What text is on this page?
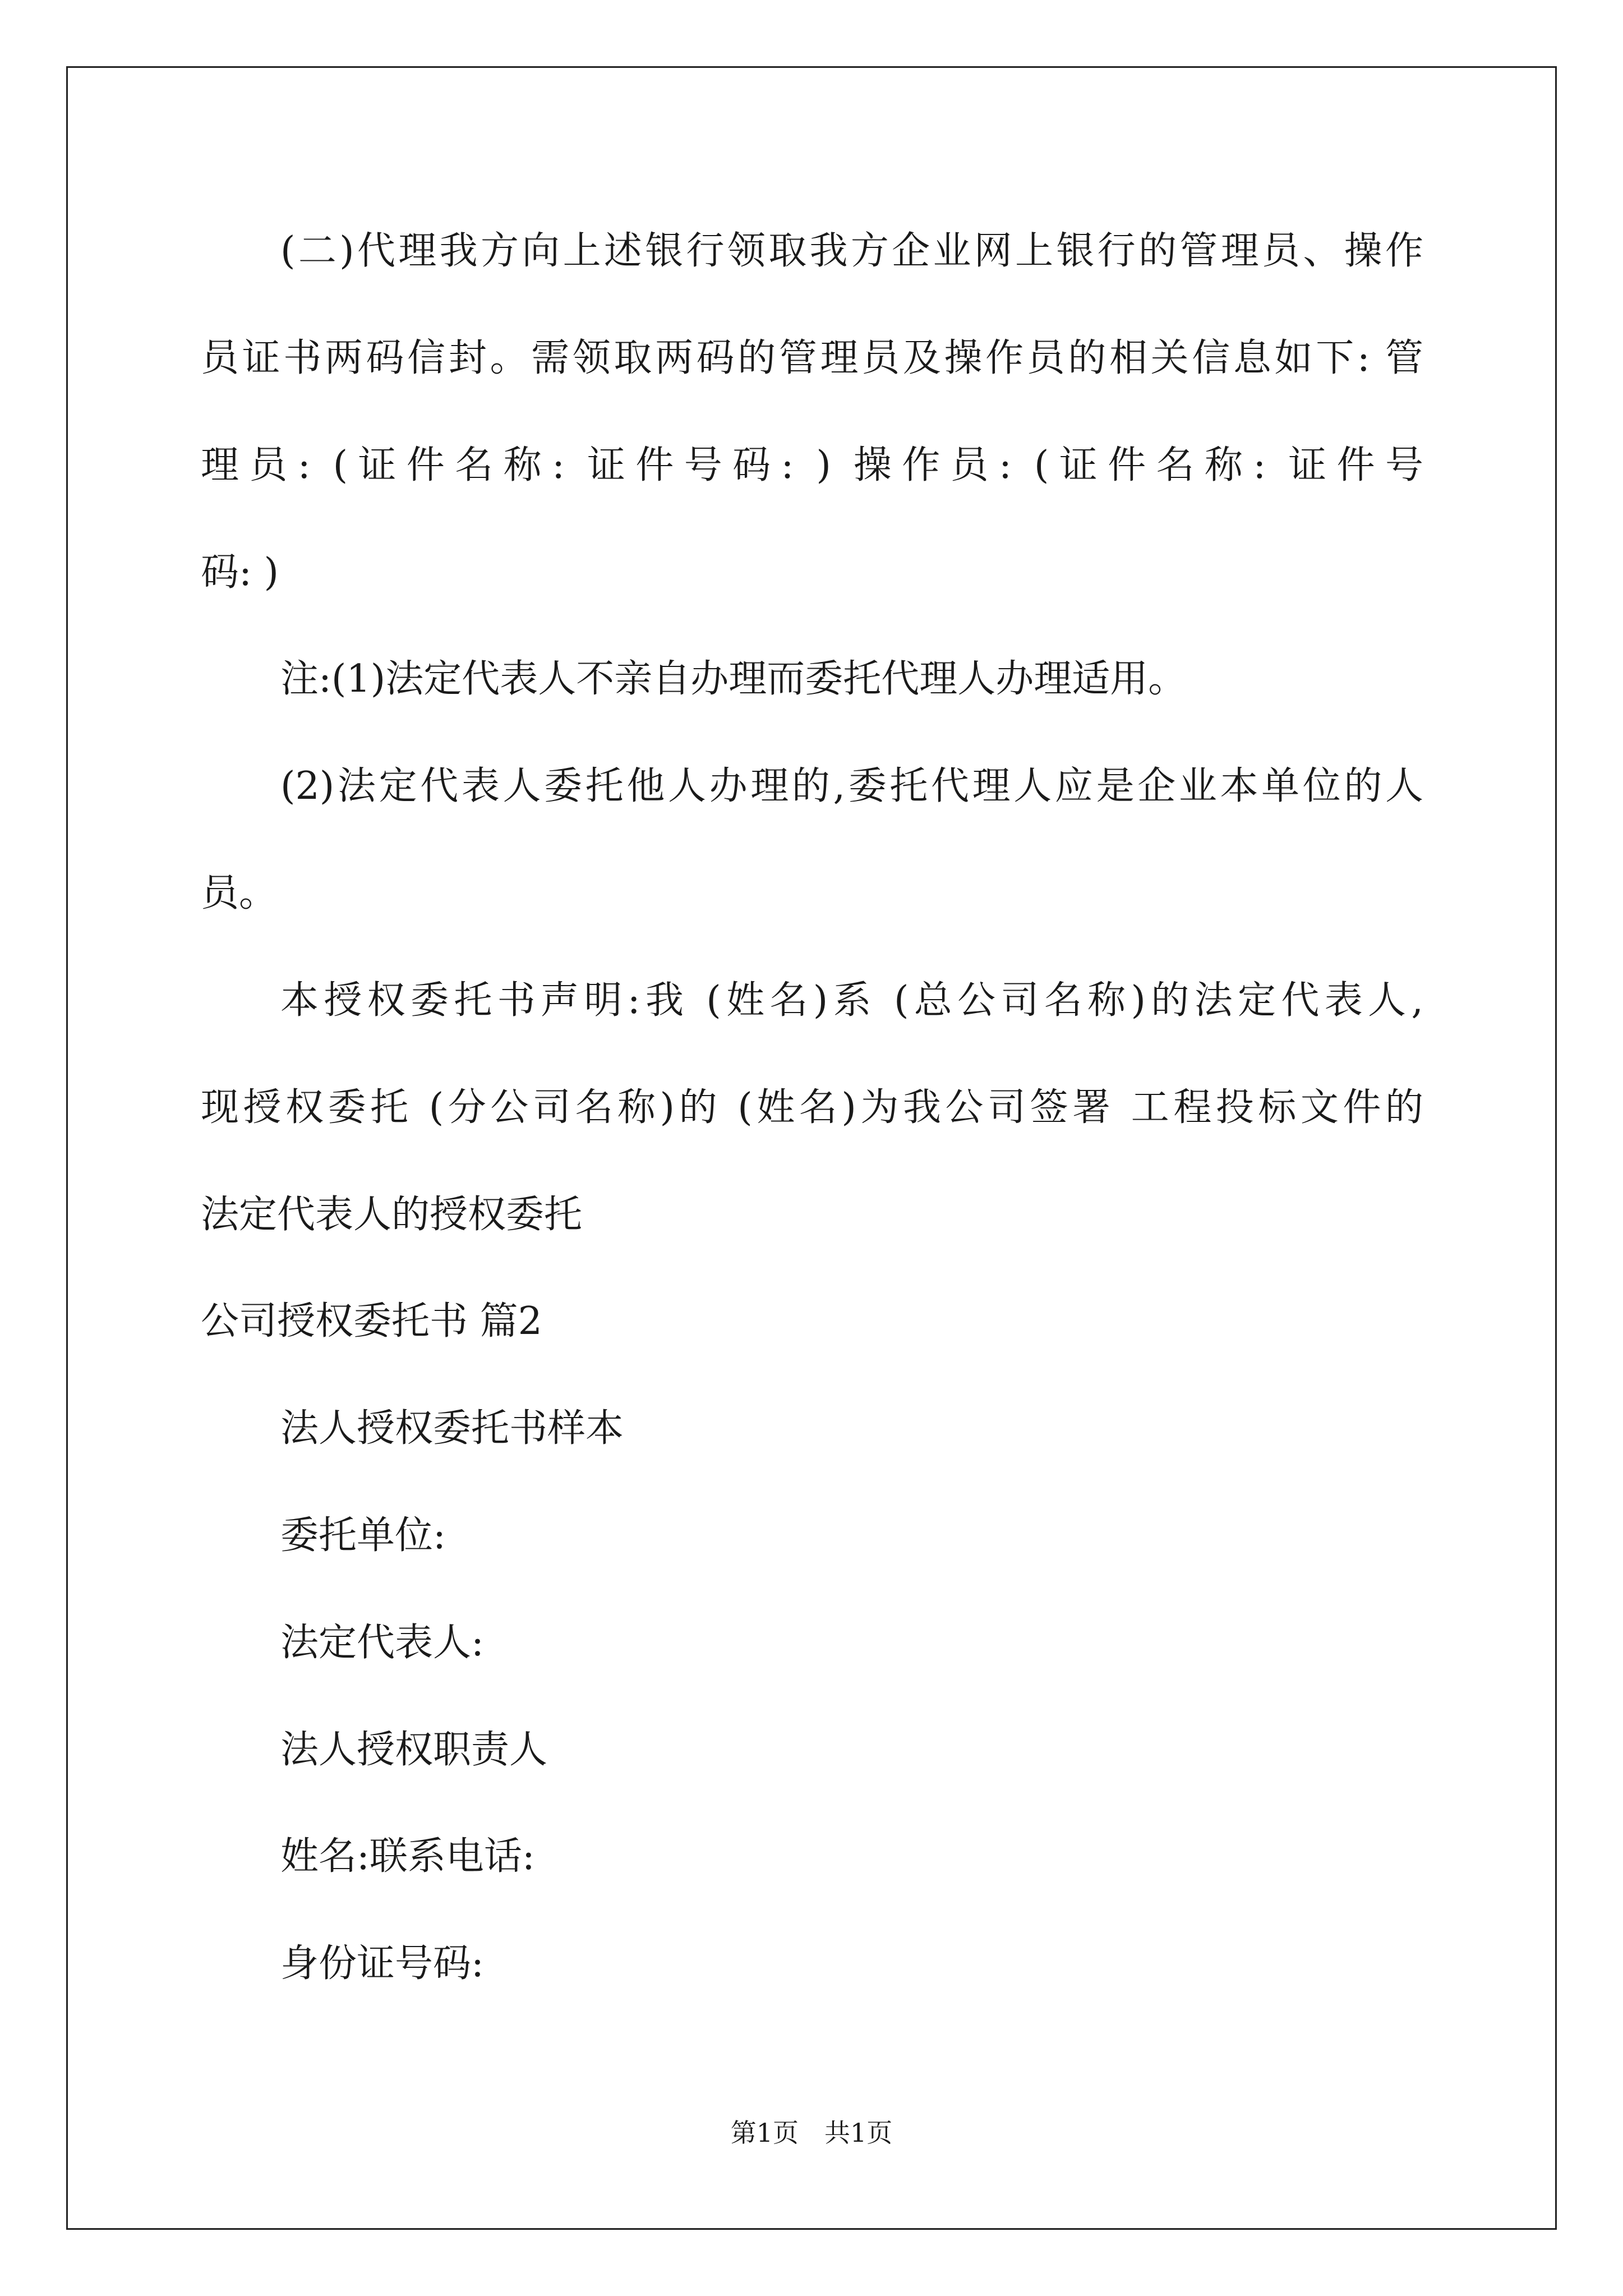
(二)代理我方向上述银行领取我方企业网上银行的管理员、操作
员证书两码信封。需领取两码的管理员及操作员的相关信息如下: 管
理员: (证件名称: 证件号码: ) 操作员: (证件名称: 证件号
码: )
注:(1)法定代表人不亲自办理而委托代理人办理适用。
(2)法定代表人委托他人办理的,委托代理人应是企业本单位的人
员。
本授权委托书声明:我 (姓名)系 (总公司名称)的法定代表人,
现授权委托 (分公司名称)的 (姓名)为我公司签署 工程投标文件的
法定代表人的授权委托
公司授权委托书 篇2
法人授权委托书样本
委托单位:
法定代表人:
法人授权职责人
姓名:联系电话:
身份证号码:
第1页　共1页
